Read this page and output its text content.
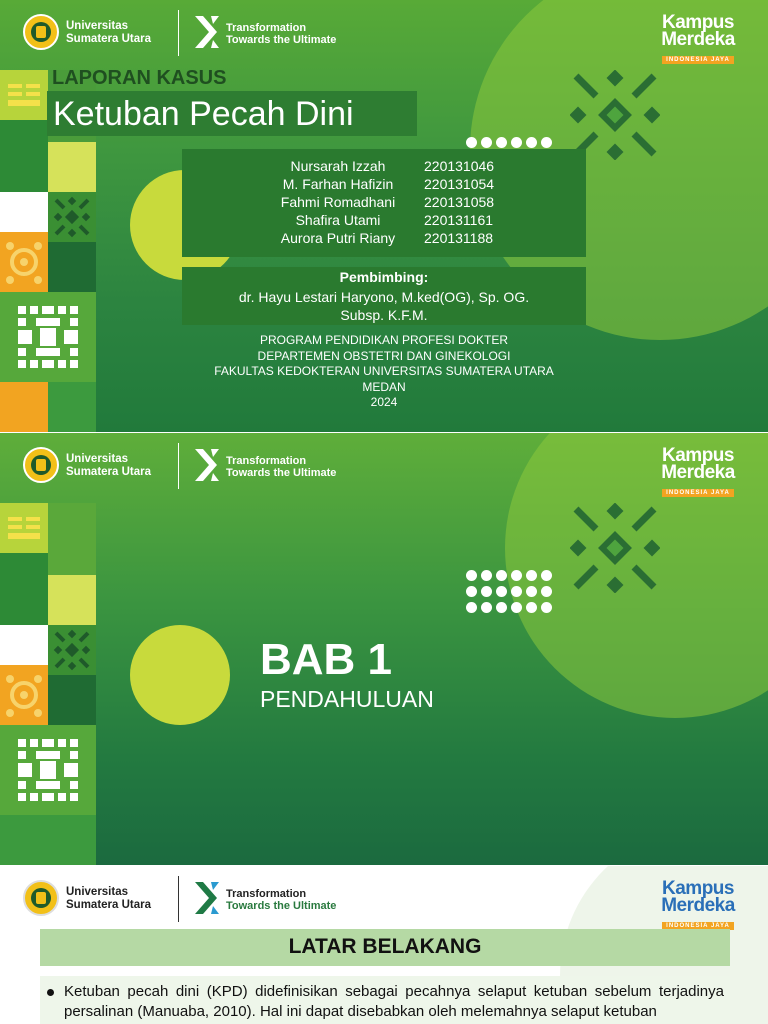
Universitas
Sumatera Utara
Transformation
Towards the Ultimate
Kampus
Merdeka
INDONESIA JAYA
LAPORAN KASUS
Ketuban Pecah Dini
Nursarah Izzah	220131046
M. Farhan Hafizin	220131054
Fahmi Romadhani	220131058
Shafira Utami	220131161
Aurora Putri Riany	220131188
Pembimbing:
dr. Hayu Lestari Haryono, M.ked(OG), Sp. OG.
Subsp. K.F.M.
PROGRAM PENDIDIKAN PROFESI DOKTER
DEPARTEMEN OBSTETRI DAN GINEKOLOGI
FAKULTAS KEDOKTERAN UNIVERSITAS SUMATERA UTARA
MEDAN
2024
Universitas
Sumatera Utara
Transformation
Towards the Ultimate
Kampus
Merdeka
INDONESIA JAYA
BAB 1
PENDAHULUAN
Universitas
Sumatera Utara
Transformation
Towards the Ultimate
Kampus
Merdeka
INDONESIA JAYA
LATAR BELAKANG
Ketuban pecah dini (KPD) didefinisikan sebagai pecahnya selaput ketuban sebelum terjadinya persalinan (Manuaba, 2010). Hal ini dapat disebabkan oleh melemahnya selaput ketuban
